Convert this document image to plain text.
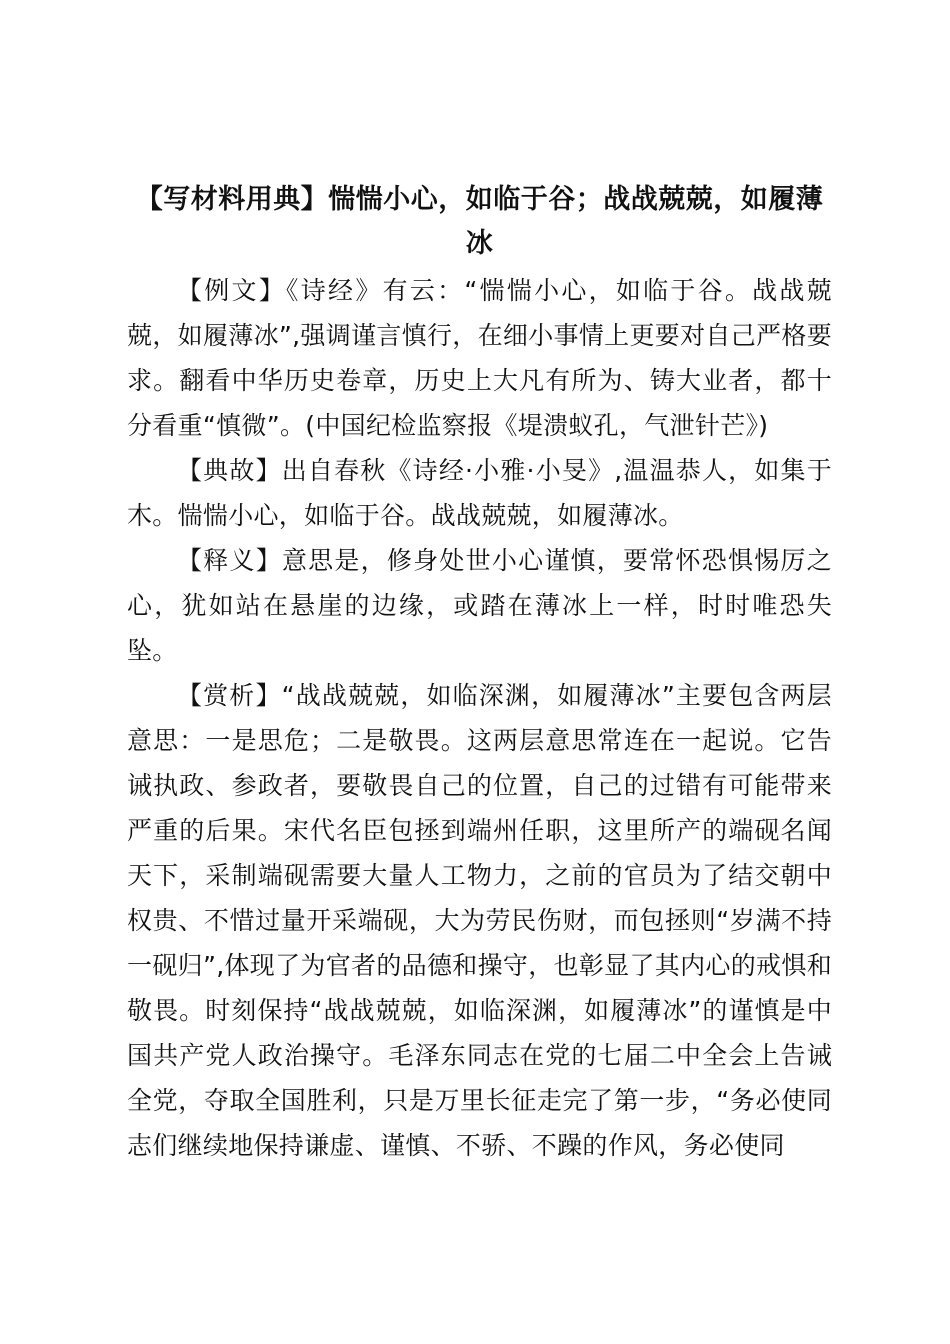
【写材料用典】惴惴小心，如临于谷；战战兢兢，如履薄冰

【例文】《诗经》有云：“惴惴小心，如临于谷。战战兢兢，如履薄冰”,强调谨言慎行，在细小事情上更要对自己严格要求。翻看中华历史卷章，历史上大凡有所为、铸大业者，都十分看重“慎微”。(中国纪检监察报《堤溃蚁孔，气泄针芒》)

【典故】出自春秋《诗经·小雅·小旻》,温温恭人，如集于木。惴惴小心，如临于谷。战战兢兢，如履薄冰。

【释义】意思是，修身处世小心谨慎，要常怀恐惧惕厉之心，犹如站在悬崖的边缘，或踏在薄冰上一样，时时唯恐失坠。

【赏析】“战战兢兢，如临深渊，如履薄冰”主要包含两层意思：一是思危；二是敬畏。这两层意思常连在一起说。它告诫执政、参政者，要敬畏自己的位置，自己的过错有可能带来严重的后果。宋代名臣包拯到端州任职，这里所产的端砚名闻天下，采制端砚需要大量人工物力，之前的官员为了结交朝中权贵、不惜过量开采端砚，大为劳民伤财，而包拯则“岁满不持一砚归”,体现了为官者的品德和操守，也彰显了其内心的戒惧和敬畏。时刻保持“战战兢兢，如临深渊，如履薄冰”的谨慎是中国共产党人政治操守。毛泽东同志在党的七届二中全会上告诫全党，夺取全国胜利，只是万里长征走完了第一步，“务必使同志们继续地保持谦虚、谨慎、不骄、不躁的作风，务必使同
